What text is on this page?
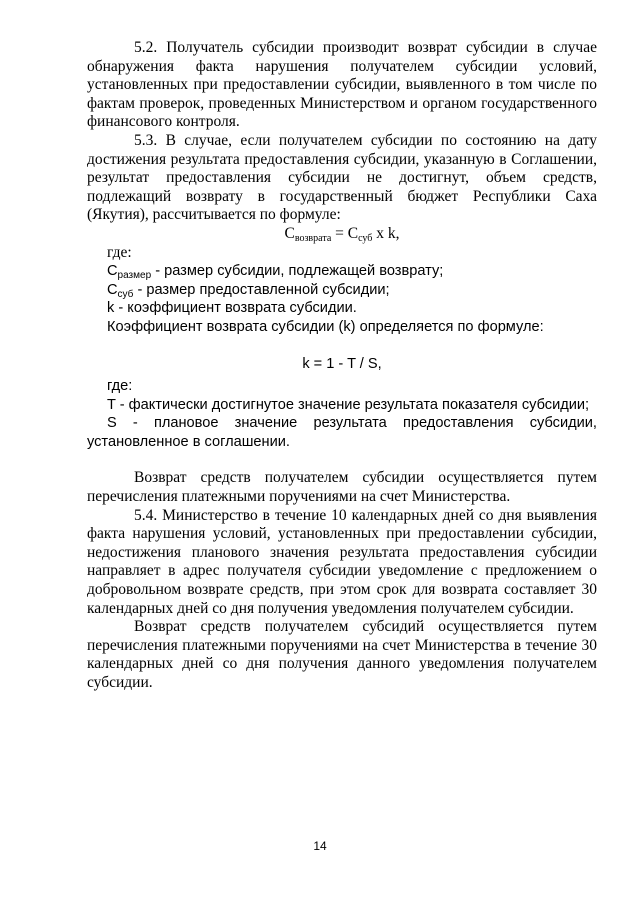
5.2. Получатель субсидии производит возврат субсидии в случае обнаружения факта нарушения получателем субсидии условий, установленных при предоставлении субсидии, выявленного в том числе по фактам проверок, проведенных Министерством и органом государственного финансового контроля.

5.3. В случае, если получателем субсидии по состоянию на дату достижения результата предоставления субсидии, указанную в Соглашении, результат предоставления субсидии не достигнут, объем средств, подлежащий возврату в государственный бюджет Республики Саха (Якутия), рассчитывается по формуле:

$С_{возврата} = С_{суб}$ х k,

где:

$С_{размер}$ - размер субсидии, подлежащей возврату;

$С_{суб}$ - размер предоставленной субсидии;

k - коэффициент возврата субсидии.

Коэффициент возврата субсидии (k) определяется по формуле:

k = 1 - T / S,

где:

T - фактически достигнутое значение результата показателя субсидии;

S - плановое значение результата предоставления субсидии, установленное в соглашении.

Возврат средств получателем субсидии осуществляется путем перечисления платежными поручениями на счет Министерства.

5.4. Министерство в течение 10 календарных дней со дня выявления факта нарушения условий, установленных при предоставлении субсидии, недостижения планового значения результата предоставления субсидии направляет в адрес получателя субсидии уведомление с предложением о добровольном возврате средств, при этом срок для возврата составляет 30 календарных дней со дня получения уведомления получателем субсидии.

Возврат средств получателем субсидий осуществляется путем перечисления платежными поручениями на счет Министерства в течение 30 календарных дней со дня получения данного уведомления получателем субсидии.

14
